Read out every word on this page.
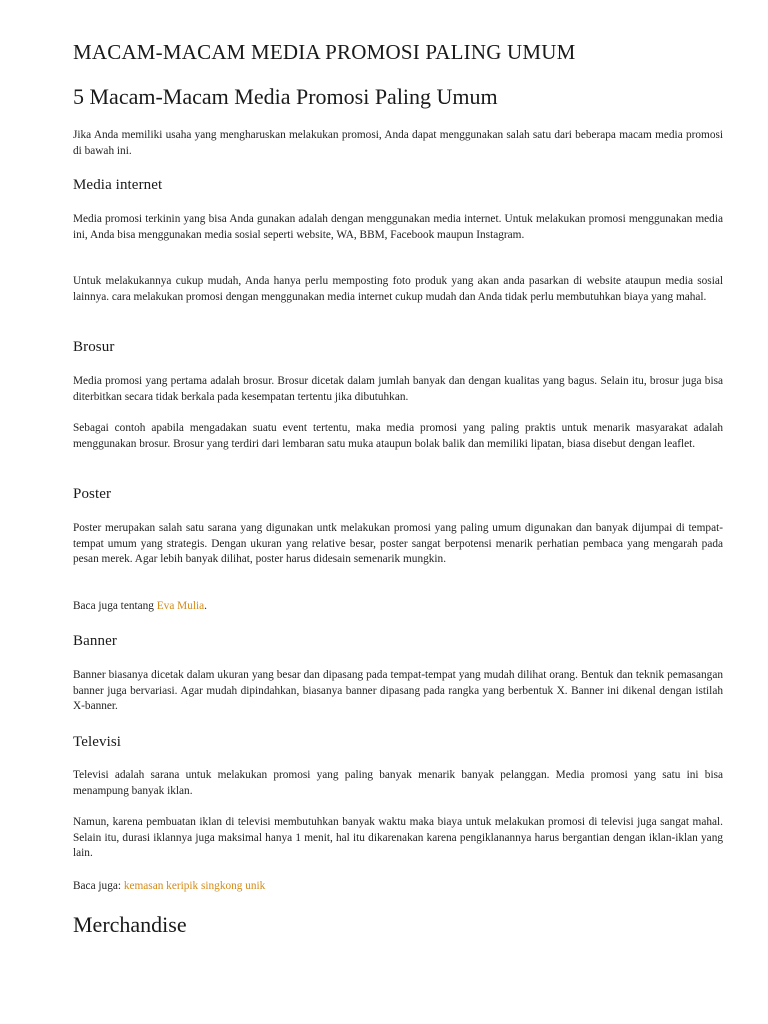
MACAM-MACAM MEDIA PROMOSI PALING UMUM
5 Macam-Macam Media Promosi Paling Umum

Jika Anda memiliki usaha yang mengharuskan melakukan promosi, Anda dapat menggunakan salah satu dari beberapa macam media promosi di bawah ini.

Media internet

Media promosi terkinin yang bisa Anda gunakan adalah dengan menggunakan media internet. Untuk melakukan promosi menggunakan media ini, Anda bisa menggunakan media sosial seperti website, WA, BBM, Facebook maupun Instagram.

Untuk melakukannya cukup mudah, Anda hanya perlu memposting foto produk yang akan anda pasarkan di website ataupun media sosial lainnya. cara melakukan promosi dengan menggunakan media internet cukup mudah dan Anda tidak perlu membutuhkan biaya yang mahal.

Brosur

Media promosi yang pertama adalah brosur. Brosur dicetak dalam jumlah banyak dan dengan kualitas yang bagus. Selain itu, brosur juga bisa diterbitkan secara tidak berkala pada kesempatan tertentu jika dibutuhkan.

Sebagai contoh apabila mengadakan suatu event tertentu, maka media promosi yang paling praktis untuk menarik masyarakat adalah menggunakan brosur. Brosur yang terdiri dari lembaran satu muka ataupun bolak balik dan memiliki lipatan, biasa disebut dengan leaflet.

Poster

Poster merupakan salah satu sarana yang digunakan untk melakukan promosi yang paling umum digunakan dan banyak dijumpai di tempat-tempat umum yang strategis. Dengan ukuran yang relative besar, poster sangat berpotensi menarik perhatian pembaca yang mengarah pada pesan merek. Agar lebih banyak dilihat, poster harus didesain semenarik mungkin.

Baca juga tentang Eva Mulia.

Banner

Banner biasanya dicetak dalam ukuran yang besar dan dipasang pada tempat-tempat yang mudah dilihat orang. Bentuk dan teknik pemasangan banner juga bervariasi. Agar mudah dipindahkan, biasanya banner dipasang pada rangka yang berbentuk X. Banner ini dikenal dengan istilah X-banner.

Televisi

Televisi adalah sarana untuk melakukan promosi yang paling banyak menarik banyak pelanggan. Media promosi yang satu ini bisa menampung banyak iklan.

Namun, karena pembuatan iklan di televisi membutuhkan banyak waktu maka biaya untuk melakukan promosi di televisi juga sangat mahal. Selain itu, durasi iklannya juga maksimal hanya 1 menit, hal itu dikarenakan karena pengiklanannya harus bergantian dengan iklan-iklan yang lain.

Baca juga: kemasan keripik singkong unik

Merchandise
